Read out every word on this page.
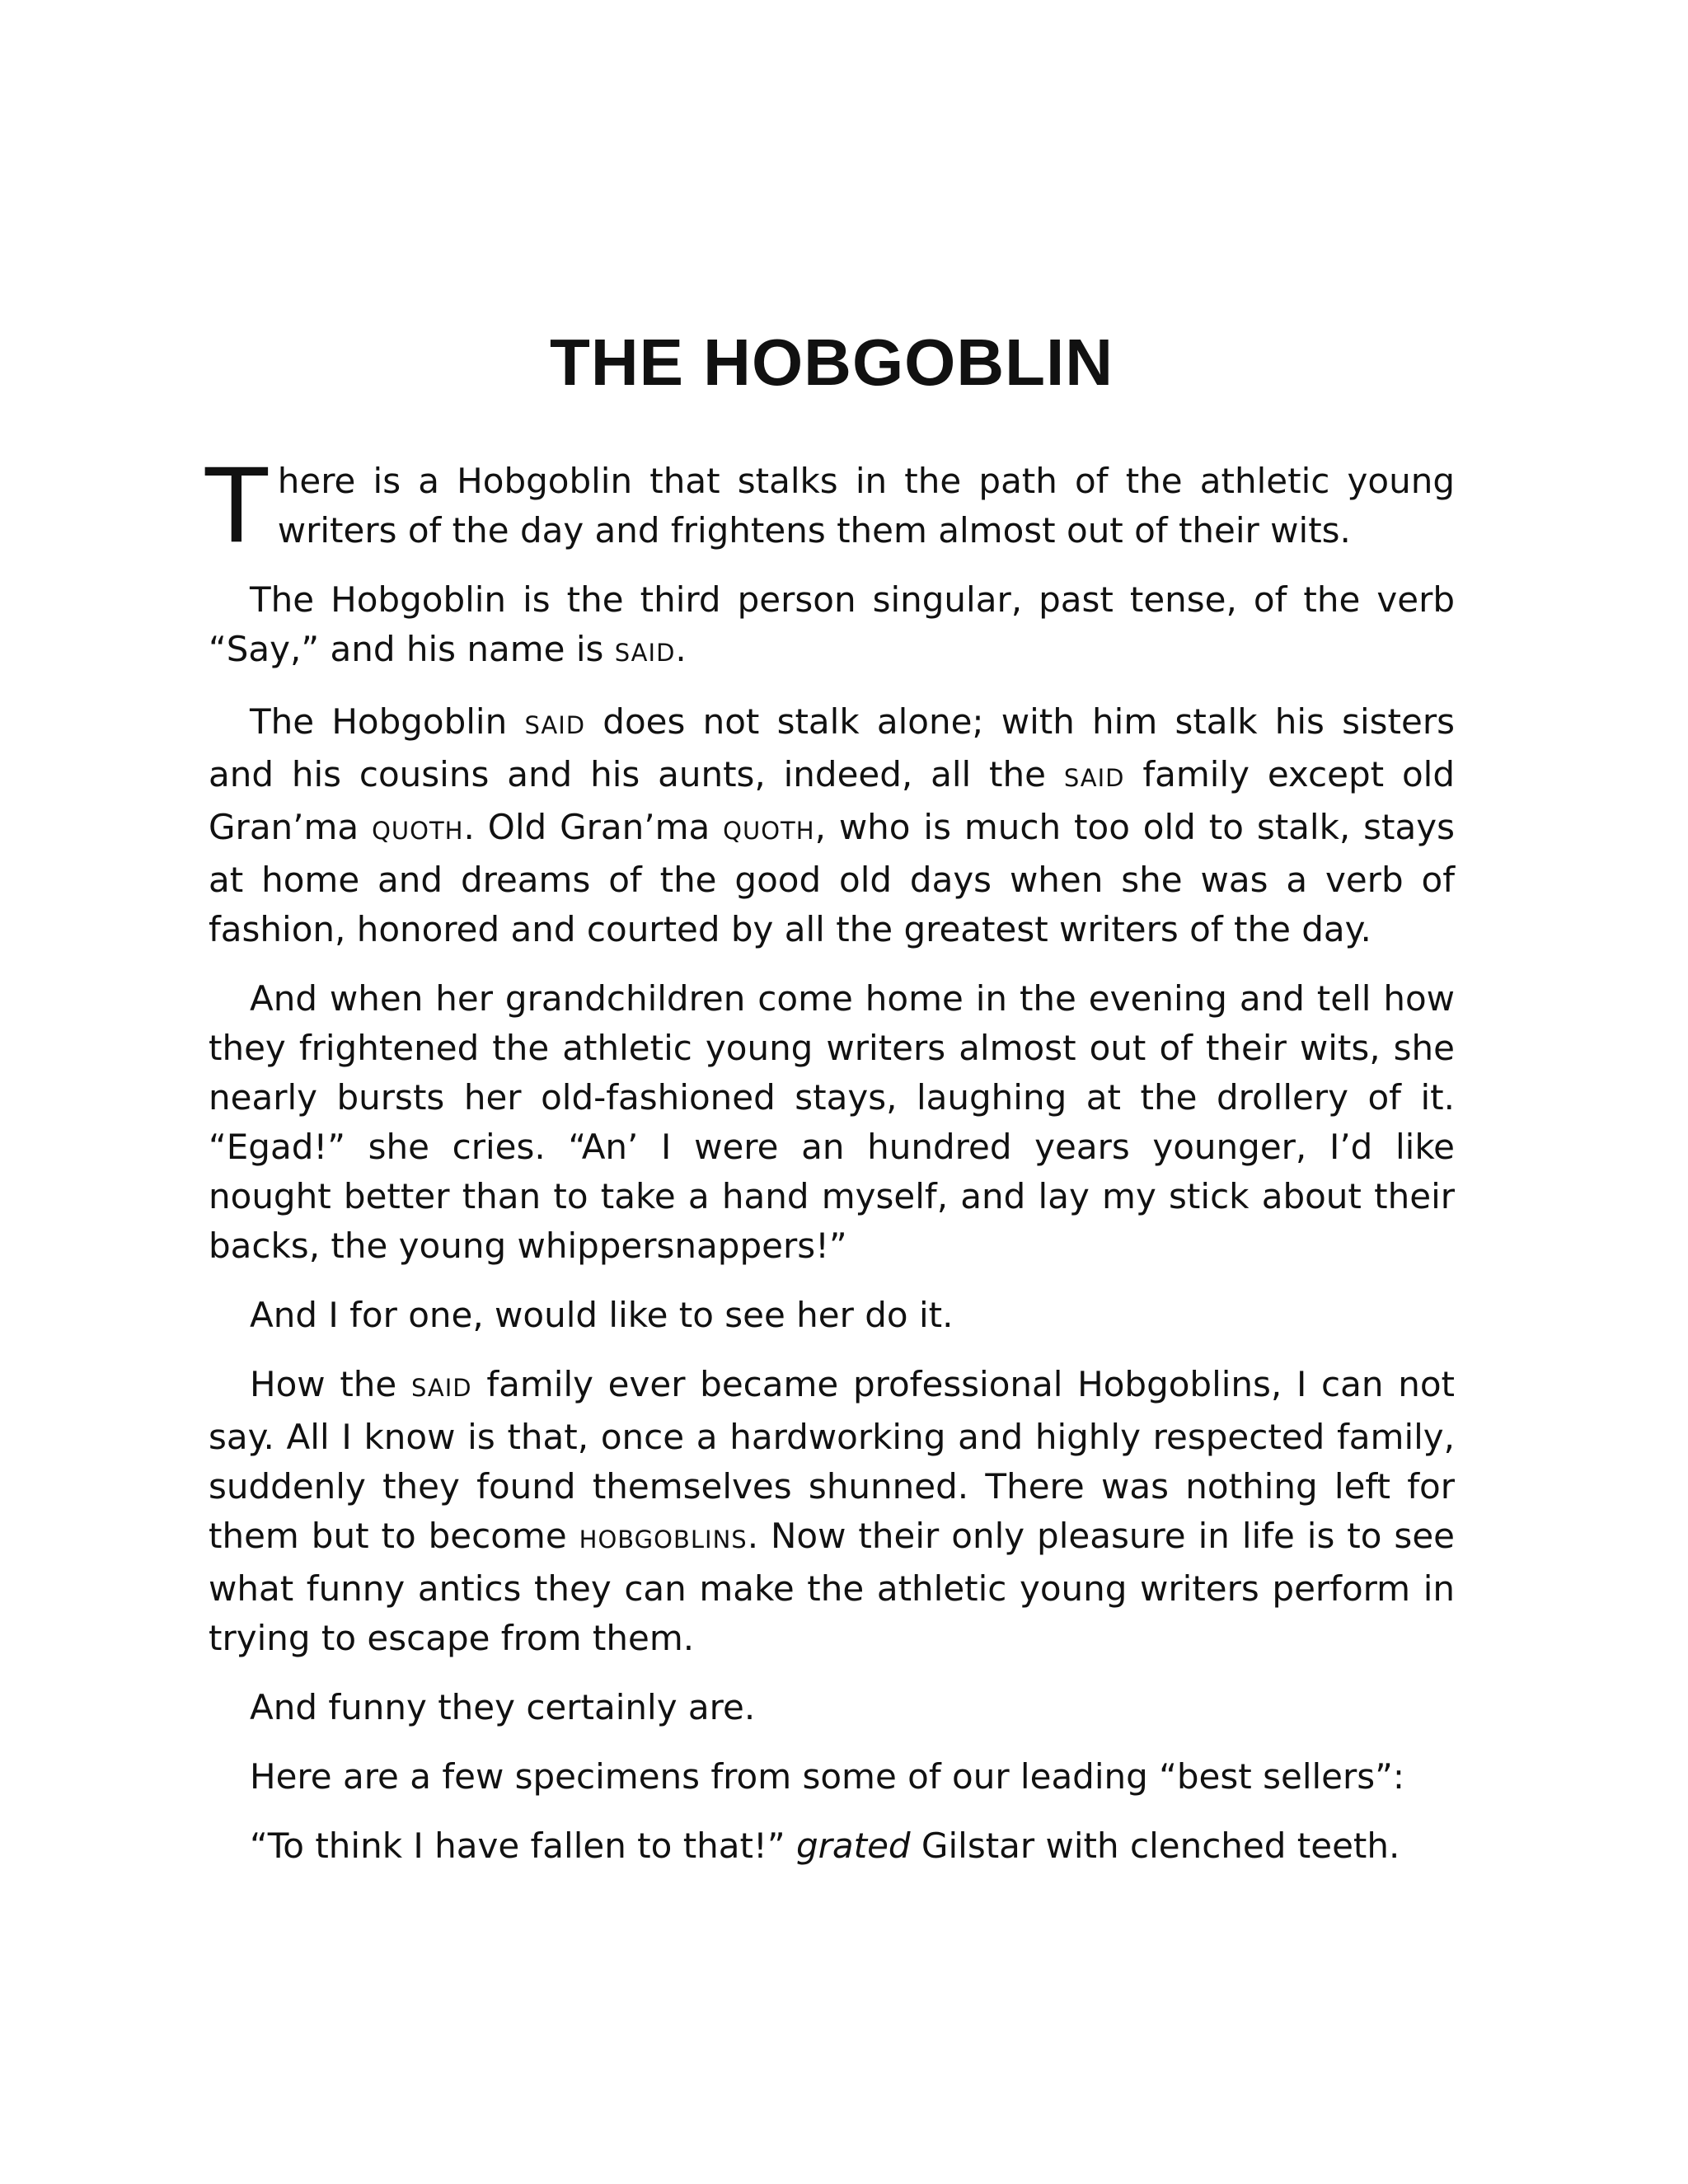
THE HOBGOBLIN

There is a Hobgoblin that stalks in the path of the athletic young writers of the day and frightens them almost out of their wits.

The Hobgoblin is the third person singular, past tense, of the verb “Say,” and his name is SAID.

The Hobgoblin SAID does not stalk alone; with him stalk his sisters and his cousins and his aunts, indeed, all the SAID family except old Gran’ma QUOTH. Old Gran’ma QUOTH, who is much too old to stalk, stays at home and dreams of the good old days when she was a verb of fashion, honored and courted by all the greatest writers of the day.

And when her grandchildren come home in the evening and tell how they frightened the athletic young writers almost out of their wits, she nearly bursts her old-fashioned stays, laughing at the drollery of it. “Egad!” she cries. “An’ I were an hundred years younger, I’d like nought better than to take a hand myself, and lay my stick about their backs, the young whippersnappers!”

And I for one, would like to see her do it.

How the SAID family ever became professional Hobgoblins, I can not say. All I know is that, once a hardworking and highly respected family, suddenly they found themselves shunned. There was nothing left for them but to become HOBGOBLINS. Now their only pleasure in life is to see what funny antics they can make the athletic young writers perform in trying to escape from them.

And funny they certainly are.

Here are a few specimens from some of our leading “best sellers”:

“To think I have fallen to that!” grated Gilstar with clenched teeth.
